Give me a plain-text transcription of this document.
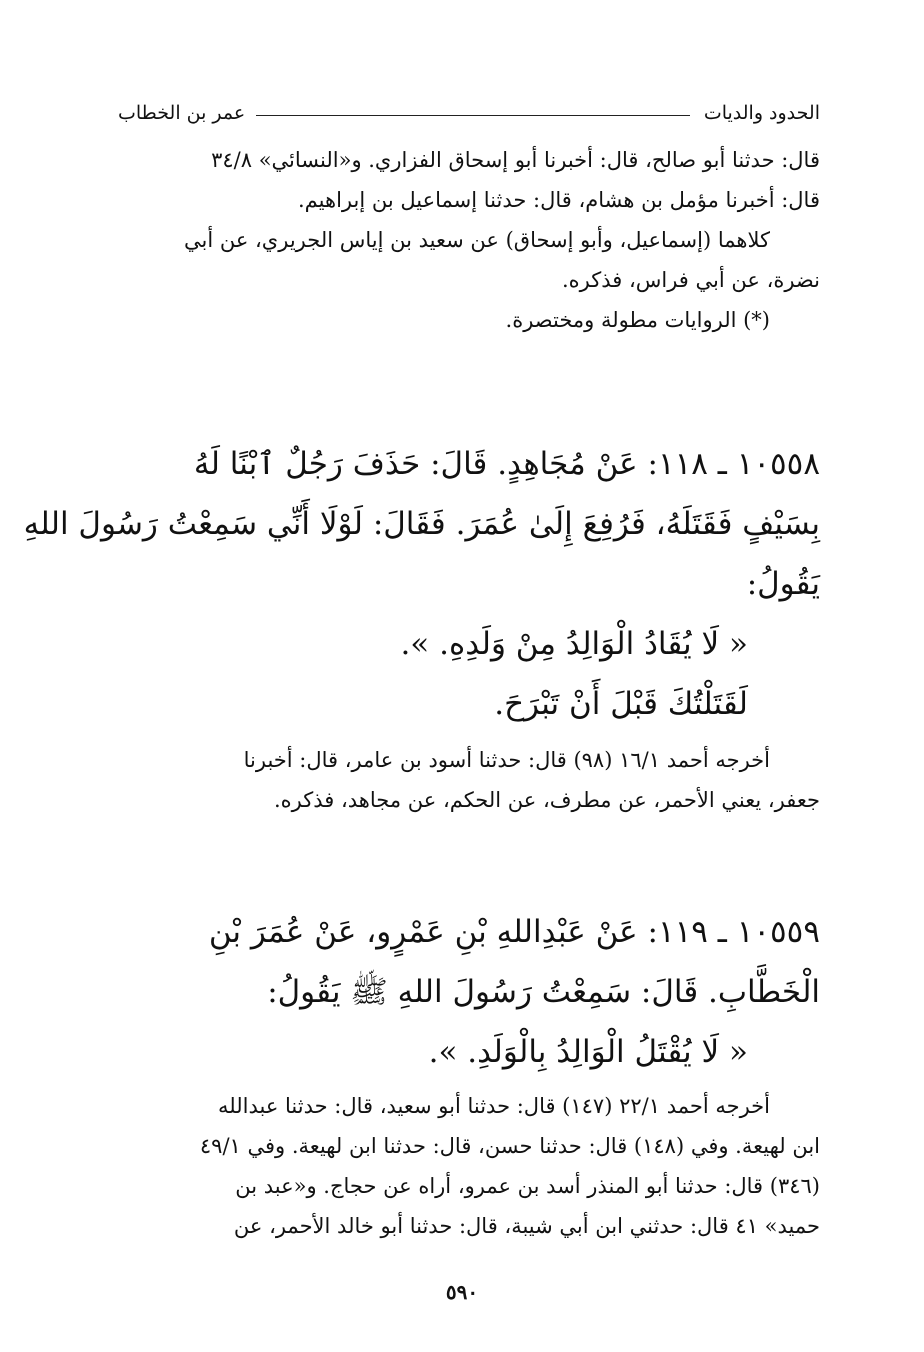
الحدود والديات
عمر بن الخطاب
قال: حدثنا أبو صالح، قال: أخبرنا أبو إسحاق الفزاري. و«النسائي» ٣٤/٨
قال: أخبرنا مؤمل بن هشام، قال: حدثنا إسماعيل بن إبراهيم.
كلاهما (إسماعيل، وأبو إسحاق) عن سعيد بن إياس الجريري، عن أبي
نضرة، عن أبي فراس، فذكره.
(*) الروايات مطولة ومختصرة.
١٠٥٥٨ ـ ١١٨: عَنْ مُجَاهِدٍ. قَالَ: حَذَفَ رَجُلٌ ٱبْنًا لَهُ
بِسَيْفٍ فَقَتَلَهُ، فَرُفِعَ إِلَىٰ عُمَرَ. فَقَالَ: لَوْلَا أَنِّي سَمِعْتُ رَسُولَ اللهِ
يَقُولُ:
« لَا يُقَادُ الْوَالِدُ مِنْ وَلَدِهِ. ».
لَقَتَلْتُكَ قَبْلَ أَنْ تَبْرَحَ.
أخرجه أحمد ١٦/١ (٩٨) قال: حدثنا أسود بن عامر، قال: أخبرنا
جعفر، يعني الأحمر، عن مطرف، عن الحكم، عن مجاهد، فذكره.
١٠٥٥٩ ـ ١١٩: عَنْ عَبْدِاللهِ بْنِ عَمْرٍو، عَنْ عُمَرَ بْنِ
الْخَطَّابِ. قَالَ: سَمِعْتُ رَسُولَ اللهِ ﷺ يَقُولُ:
« لَا يُقْتَلُ الْوَالِدُ بِالْوَلَدِ. ».
أخرجه أحمد ٢٢/١ (١٤٧) قال: حدثنا أبو سعيد، قال: حدثنا عبدالله
ابن لهيعة. وفي (١٤٨) قال: حدثنا حسن، قال: حدثنا ابن لهيعة. وفي ٤٩/١
(٣٤٦) قال: حدثنا أبو المنذر أسد بن عمرو، أراه عن حجاج. و«عبد بن
حميد» ٤١ قال: حدثني ابن أبي شيبة، قال: حدثنا أبو خالد الأحمر، عن
٥٩٠
